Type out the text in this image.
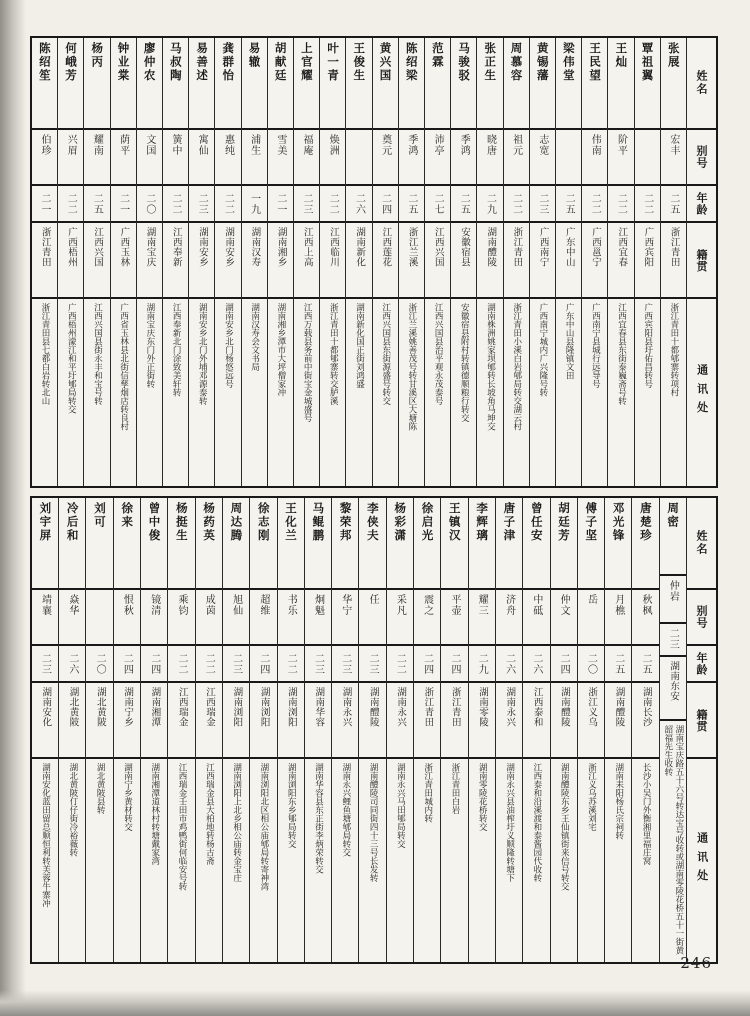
姓名
别号
年龄
籍贯
通讯处
张展
宏丰
二五
浙江青田
浙江青田十都郇寨转项村
覃祖翼
二二
广西宾阳
广西宾阳县圩佑昌转号
王灿
阶平
二二
江西宜春
江西宜春县东街泰巍斋号转
王民望
伟南
二二
广西邕宁
广西南宁县城行远导号
梁伟堂
二五
广东中山
广东中山县隆镇文田
黄锡藩
志宽
二三
广西南宁
广西南宁城内广兴隆号转
周慕容
祖元
二二
浙江青田
浙江青田小溪白岩郇局转交湖云村
张正生
晓唐
二九
湖南醴陵
湖南株洲姚家坝郇转长坡角马坤交
马骏驳
季鸿
二五
安徽宿县
安徽宿县附村转镇德顺粮行转交
范霖
沛亭
二七
江西兴国
江西兴国县治平观永茂泰号
陈绍梁
季鸿
二五
浙江兰溪
浙江兰溪姚善茂号转甘溪区大塘陈
黄兴国
奠元
二四
江西莲花
江西兴国县东街源盛号转交
王俊生
二六
湖南新化
湖南新化国正街刘鸿盛
叶一青
焕洲
二二
江西临川
浙江青田十都郇寨转交胪溪
上官耀
福庵
二三
江西上高
江西万载县务前中街宝金城盛号
胡献廷
雪美
二一
湖南湘乡
湖南湘乡潭市大坪僧家冲
易辙
浦生
一九
湖南汉寿
湖南汉寿会文书局
龚群怡
惠纯
二二
湖南安乡
湖南安乡北门杨悠远号
易善述
寓仙
二三
湖南安乡
湖南安乡北门外埔邓源泰转
马叔陶
簧中
二二
江西奉新
江西奉新北门涂致美轩转
廖仲农
文国
二〇
湖南宝庆
湖南宝庆东门外正街转
钟业棠
荫平
二一
广西玉林
广西省玉林县北街信孳烟店转良村
杨丙
耀南
二五
江西兴国
江西兴国县街永丰和宝号转
何峨芳
兴眉
二二
广西梧州
广西梧州濛江和平圩郇局转交
陈绍笙
伯珍
二一
浙江青田
浙江青田县七都白岩转北山
姓名
别号
年龄
籍贯
通讯处
周密
仲岩
二三
湖南东安
湖南宝庆路五十六号转达宝号收转或湖南零陵花桥五十一街黄韶福先生收转
唐楚珍
秋枫
二五
湖南长沙
长沙小吴门外衡湘里福庄窝
邓光锋
月樵
二五
湖南醴陵
湖南耒阳杨氏宗祠转
傅子坚
岳
二〇
浙江义乌
浙江义乌苏溪刘宅
胡廷芳
仲文
二四
湖南醴陵
湖南醴陵东乡王仙镇街来信号转交
曾任安
中砥
二六
江西泰和
江西泰和沿溪渡和泰酱园代收转
唐子津
济舟
二六
湖南永兴
湖南永兴县油榨圩义顺隆转塘下
李辉璃
耀三
二九
湖南零陵
湖南零陵花桥转交
王镇汉
平壶
二四
浙江青田
浙江青田白岩
徐启光
震之
二四
浙江青田
浙江青田城内转
杨彩潇
采凡
二二
湖南永兴
湖南永兴马田郇局转交
李侠夫
任
二三
湖南醴陵
湖南醴陵司同街四十三号长发转
黎荣邦
华宁
二三
湖南永兴
湖南永兴鲤鱼塘郇局转交
马鲲鹏
炯魁
二三
湖南华容
湖南华容县东正街李炳荣转交
王化兰
书乐
二二
湖南浏阳
湖南浏阳东乡郇局转交
徐志刚
超维
二四
湖南浏阳
湖南浏阳北区相公庙郇局转寄神湾
周达腾
旭仙
二三
湖南浏阳
湖南浏阳上北乡相公庙转金宝庄
杨药英
成茵
二二
江西瑞金
江西瑞金县大柏地转杨古斋
杨挺生
乘钧
二二
江西瑞金
江西瑞金壬田市鸡鸭街何临安号转
曾中俊
镜清
二四
湖南湘潭
湖南湘潭道林村转塘戴家湾
徐来
恨秋
二四
湖南宁乡
湖南宁乡黄材转交
刘可
二〇
湖北黄陂
湖北黄陂县转
冷后和
焱华
二六
湖北黄陂
湖北黄陂仃仔街冷裕薇转
刘宇屏
靖襄
二三
湖南安化
湖南安化蓝田留总顺恒利转芙蓉牛寨冲
246
